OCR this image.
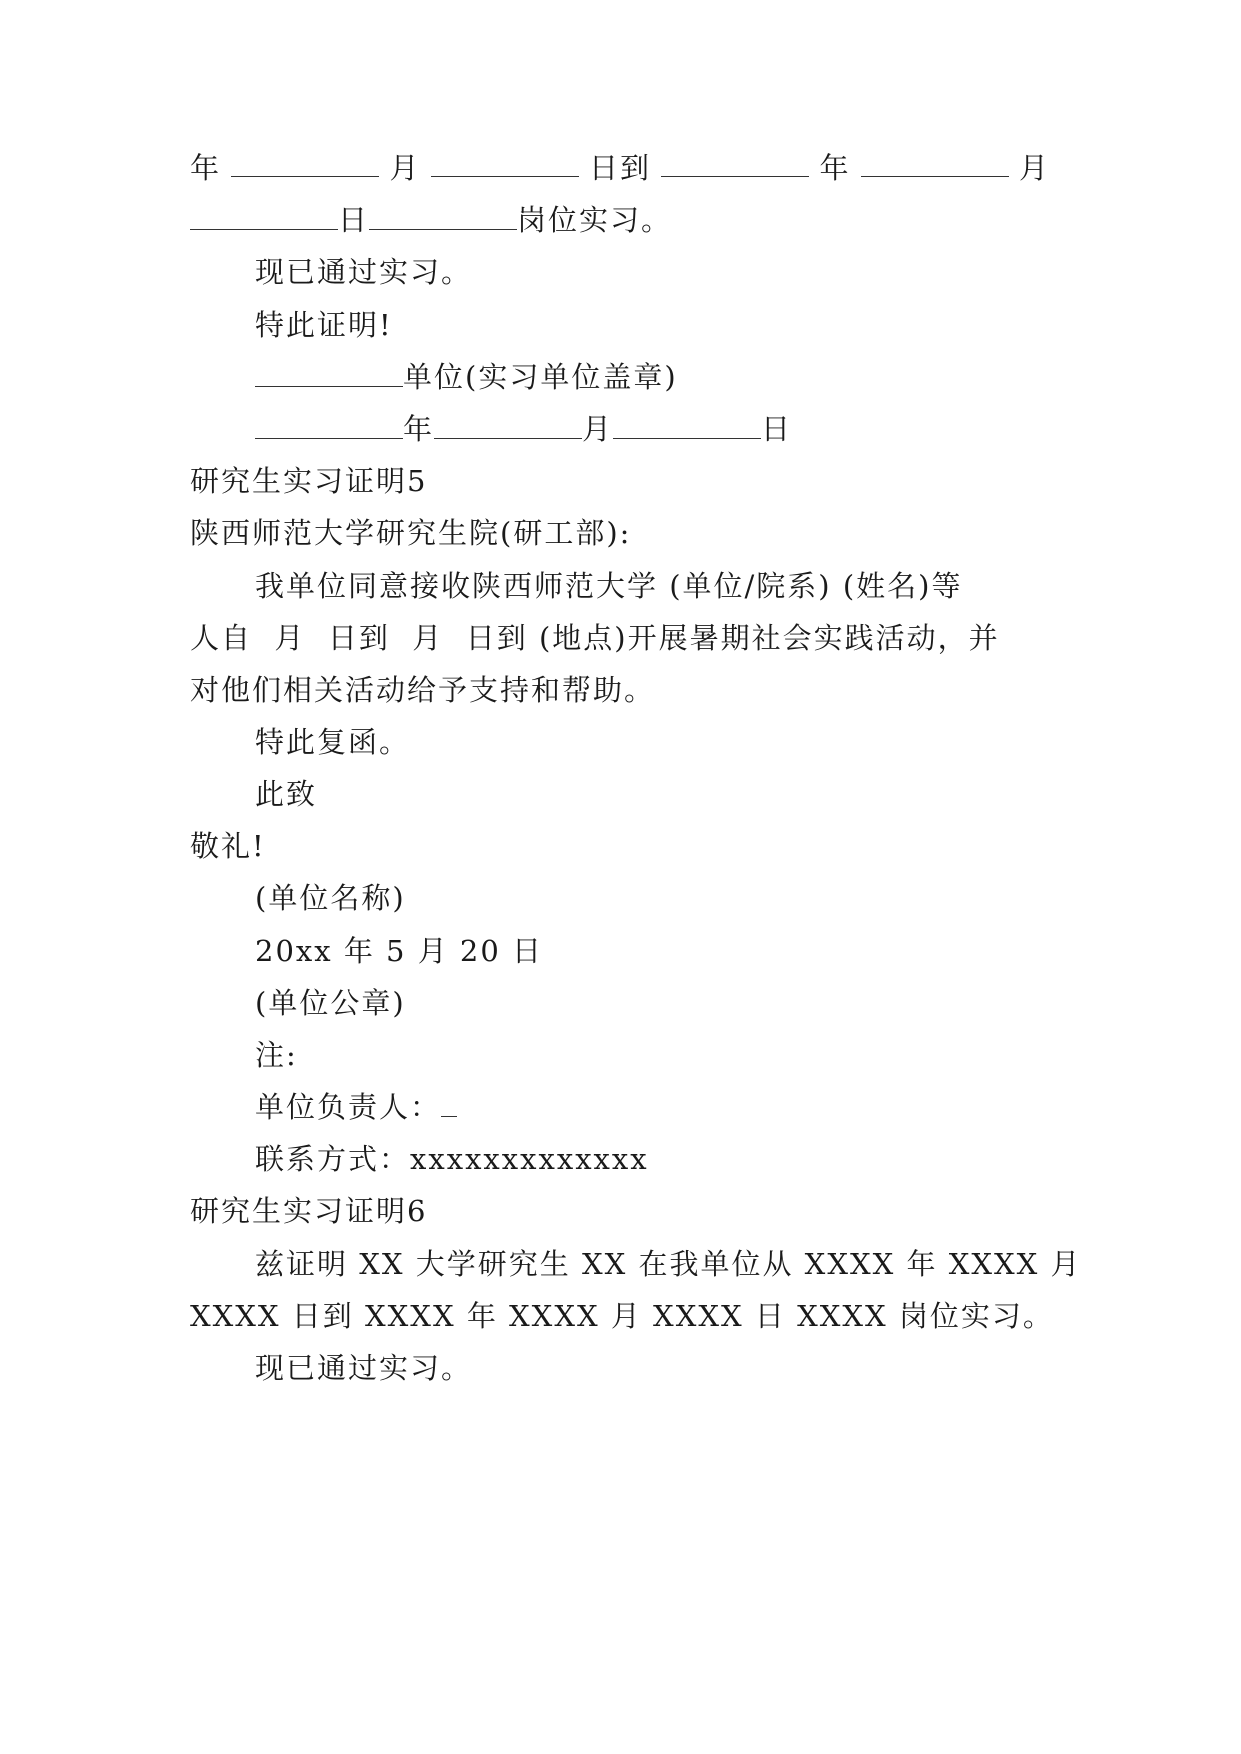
年	月	日到	年	月
日	岗位实习。
现已通过实习。
特此证明!
单位(实习单位盖章)
年	月	日
研究生实习证明5
陕西师范大学研究生院(研工部):
我单位同意接收陕西师范大学 (单位/院系) (姓名)等
人自  月  日到  月  日到 (地点)开展暑期社会实践活动，并
对他们相关活动给予支持和帮助。
特此复函。
此致
敬礼!
(单位名称)
20xx 年 5 月 20 日
(单位公章)
注:
单位负责人：
联系方式：xxxxxxxxxxxxx
研究生实习证明6
兹证明 XX 大学研究生 XX 在我单位从 XXXX 年 XXXX 月
XXXX 日到 XXXX 年 XXXX 月 XXXX 日 XXXX 岗位实习。
现已通过实习。
